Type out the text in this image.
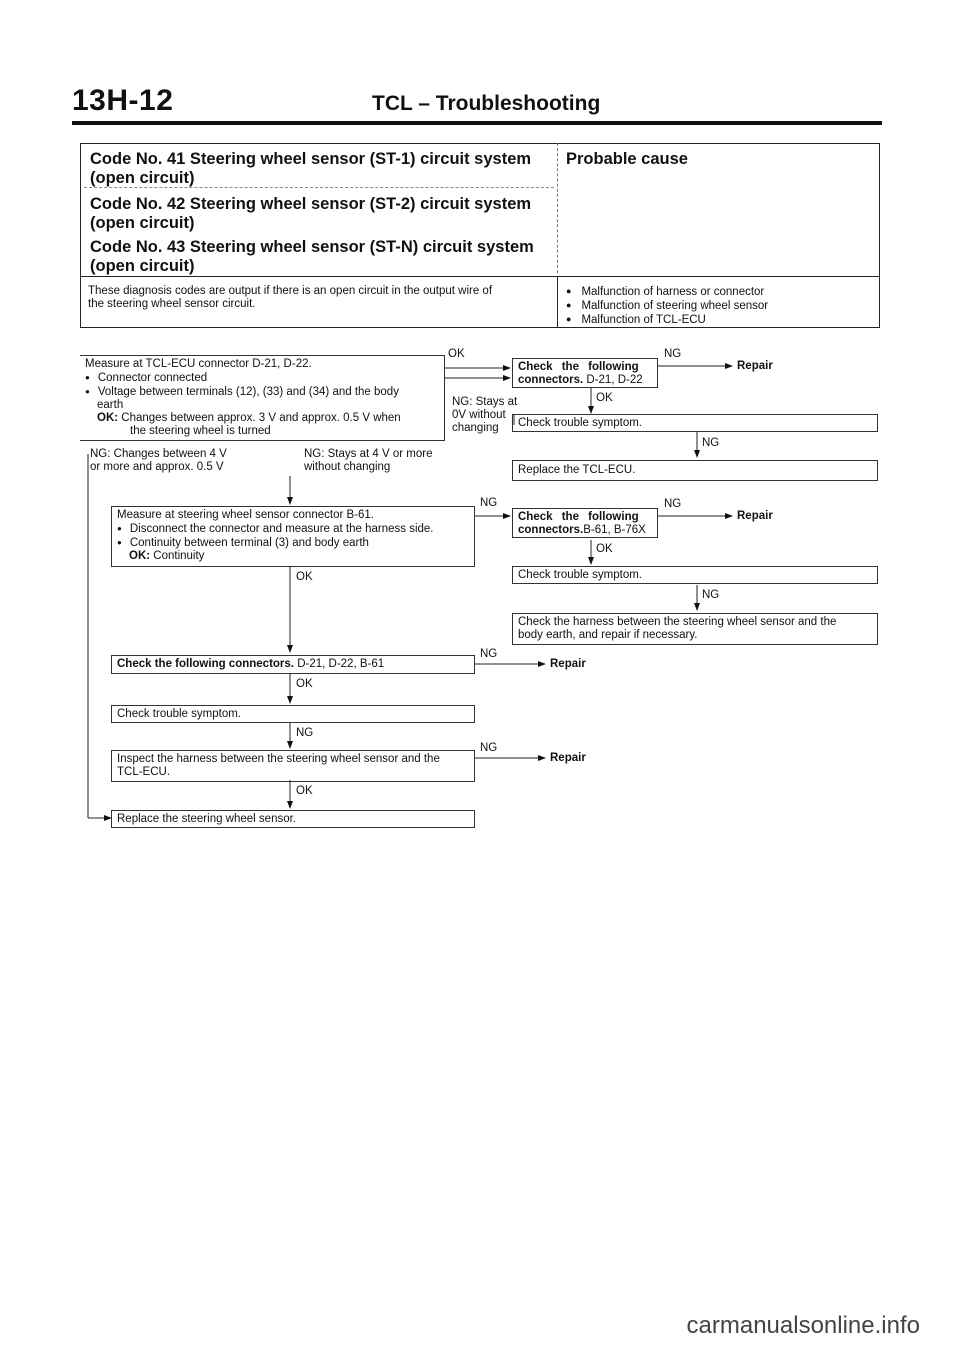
13H-12	TCL – Troubleshooting
Code No. 41 Steering wheel sensor (ST-1) circuit system
(open circuit)
Code No. 42 Steering wheel sensor (ST-2) circuit system
(open circuit)
Code No. 43 Steering wheel sensor (ST-N) circuit system
(open circuit)
Probable cause
These diagnosis codes are output if there is an open circuit in the output wire of
the steering wheel sensor circuit.
● Malfunction of harness or connector
● Malfunction of steering wheel sensor
● Malfunction of TCL-ECU
Measure at TCL-ECU connector D-21, D-22.
● Connector connected
● Voltage between terminals (12), (33) and (34) and the body
earth
OK: Changes between approx. 3 V and approx. 0.5 V when
the steering wheel is turned
OK
Check the following
connectors. D-21, D-22
NG
Repair
OK
NG: Stays at
0V without
changing	Check trouble symptom.
NG
Replace the TCL-ECU.
NG: Changes between 4 V
or more and approx. 0.5 V
NG: Stays at 4 V or more
without changing
Measure at steering wheel sensor connector B-61.
● Disconnect the connector and measure at the harness side.
● Continuity between terminal (3) and body earth
OK: Continuity
NG
Check the following
connectors.B-61, B-76X
NG
Repair
OK
OK	Check trouble symptom.
NG
Check the harness between the steering wheel sensor and the
body earth, and repair if necessary.
Check the following connectors. D-21, D-22, B-61
NG
Repair
OK
Check trouble symptom.
NG
Inspect the harness between the steering wheel sensor and the
TCL-ECU.
NG
Repair
OK
Replace the steering wheel sensor.
carmanualsonline.info
